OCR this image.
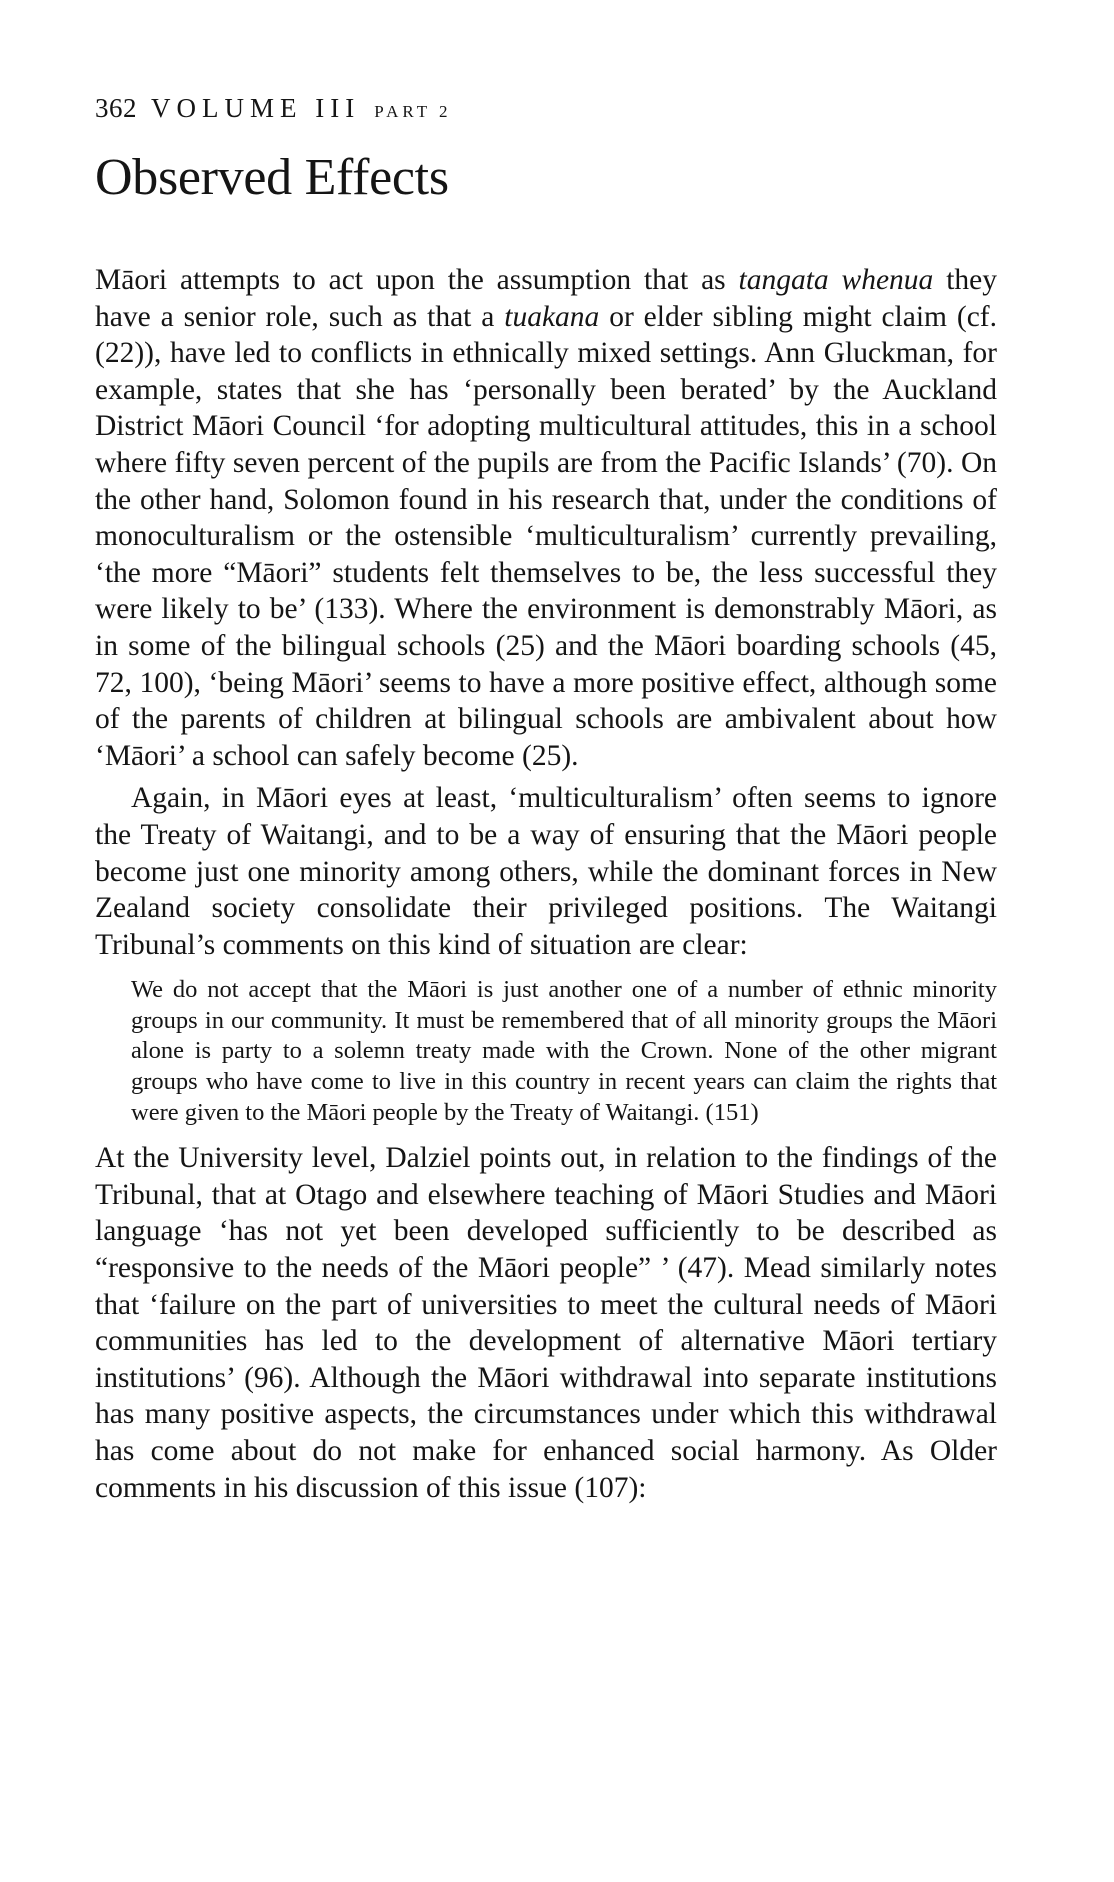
362 VOLUME III PART 2
Observed Effects

Māori attempts to act upon the assumption that as tangata whenua they have a senior role, such as that a tuakana or elder sibling might claim (cf. (22)), have led to conflicts in ethnically mixed settings. Ann Gluckman, for example, states that she has ‘personally been berated’ by the Auckland District Māori Council ‘for adopting multicultural attitudes, this in a school where fifty seven percent of the pupils are from the Pacific Islands’ (70). On the other hand, Solomon found in his research that, under the conditions of monoculturalism or the ostensible ‘multiculturalism’ currently prevailing, ‘the more “Māori” students felt themselves to be, the less successful they were likely to be’ (133). Where the environment is demonstrably Māori, as in some of the bilingual schools (25) and the Māori boarding schools (45, 72, 100), ‘being Māori’ seems to have a more positive effect, although some of the parents of children at bilingual schools are ambivalent about how ‘Māori’ a school can safely become (25).

Again, in Māori eyes at least, ‘multiculturalism’ often seems to ignore the Treaty of Waitangi, and to be a way of ensuring that the Māori people become just one minority among others, while the dominant forces in New Zealand society consolidate their privileged positions. The Waitangi Tribunal’s comments on this kind of situation are clear:

We do not accept that the Māori is just another one of a number of ethnic minority groups in our community. It must be remembered that of all minority groups the Māori alone is party to a solemn treaty made with the Crown. None of the other migrant groups who have come to live in this country in recent years can claim the rights that were given to the Māori people by the Treaty of Waitangi. (151)

At the University level, Dalziel points out, in relation to the findings of the Tribunal, that at Otago and elsewhere teaching of Māori Studies and Māori language ‘has not yet been developed sufficiently to be described as “responsive to the needs of the Māori people” ’ (47). Mead similarly notes that ‘failure on the part of universities to meet the cultural needs of Māori communities has led to the development of alternative Māori tertiary institutions’ (96). Although the Māori withdrawal into separate institutions has many positive aspects, the circumstances under which this withdrawal has come about do not make for enhanced social harmony. As Older comments in his discussion of this issue (107):
